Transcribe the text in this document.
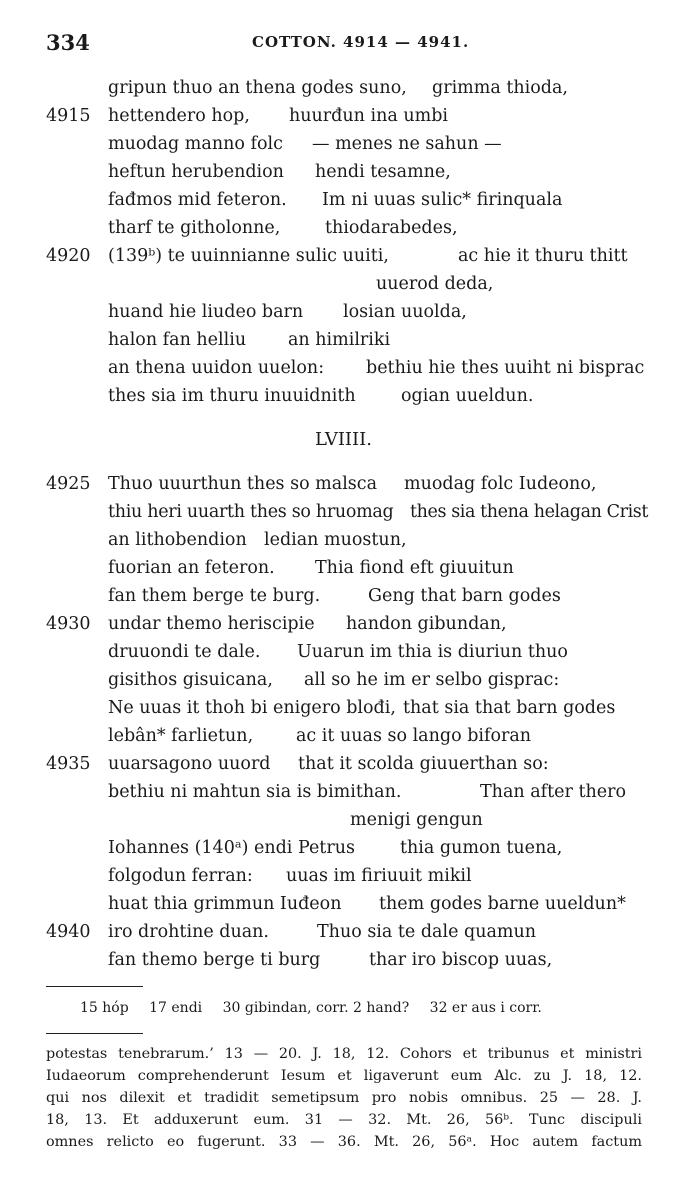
334	COTTON. 4914 — 4941.
gripun thuo an thena godes suno, grimma thioda,
4915 hettendero hop, huurđun ina umbi
muodag manno folc — menes ne sahun —
heftun herubendion hendi tesamne,
fađmos mid feteron. Im ni uuas sulic* firinquala
tharf te githolonne,	thiodarabedes,
4920 (139ᵇ) te uuinnianne sulic uuiti,	ac hie it thuru thitt
uuerod deda,
huand hie liudeo barn losian uuolda,
halon fan helliu an himilriki
an thena uuidon uuelon: bethiu hie thes uuiht ni bisprac
thes sia im thuru inuuidnith	ogian uueldun.
LVIIII.
4925 Thuo uuurthun thes so malsca muodag folc Iudeono,
thiu heri uuarth thes so hruomag thes sia thena helagan Crist
an lithobendion ledian muostun,
fuorian an feteron. Thia fiond eft giuuitun
fan them berge te burg.	Geng that barn godes
4930 undar themo heriscipie handon gibundan,
druuondi te dale. Uuarun im thia is diuriun thuo
gisithos gisuicana, all so he im er selbo gisprac:
Ne uuas it thoh bi enigero blođi, that sia that barn godes
lebân* farlietun, ac it uuas so lango biforan
4935 uuarsagono uuord that it scolda giuuerthan so:
bethiu ni mahtun sia is bimithan.	Than after thero
menigi gengun
Iohannes (140ᵃ) endi Petrus	thia gumon tuena,
folgodun ferran: uuas im firiuuit mikil
huat thia grimmun Iuđeon them godes barne uueldun*
4940 iro drohtine duan.	Thuo sia te dale quamun
fan themo berge ti burg	thar iro biscop uuas,
15 hóp 17 endi 30 gibindan, corr. 2 hand? 32 er aus i corr.
potestas tenebrarum.’ 13 — 20. J. 18, 12. Cohors et tribunus et ministri
Iudaeorum comprehenderunt Iesum et ligaverunt eum Alc. zu J. 18, 12.
qui nos dilexit et tradidit semetipsum pro nobis omnibus. 25 — 28. J.
18, 13. Et adduxerunt eum. 31 — 32. Mt. 26, 56ᵇ. Tunc discipuli
omnes relicto eo fugerunt. 33 — 36. Mt. 26, 56ᵃ. Hoc autem factum
